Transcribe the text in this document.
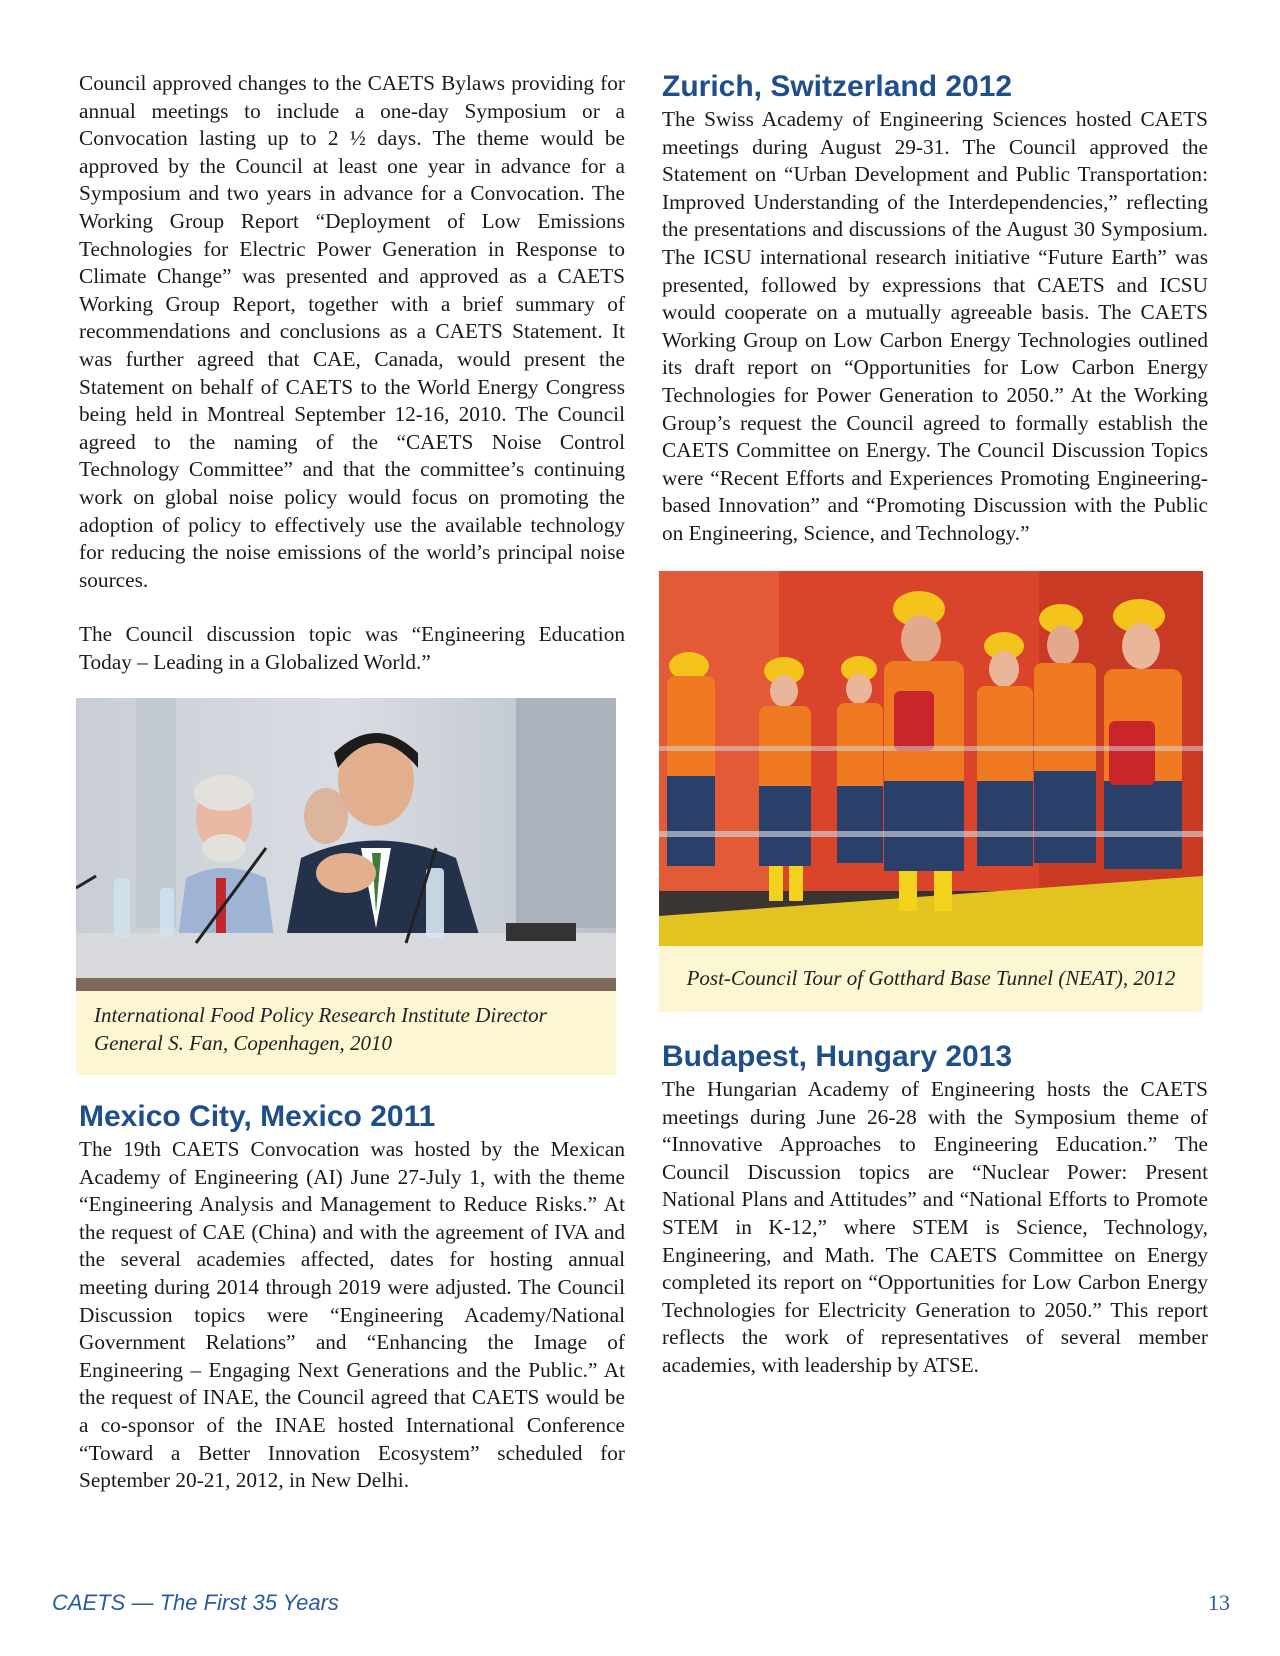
Council approved changes to the CAETS Bylaws providing for annual meetings to include a one-day Symposium or a Convocation lasting up to 2 ½ days. The theme would be approved by the Council at least one year in advance for a Symposium and two years in advance for a Convocation. The Working Group Report “Deployment of Low Emissions Technologies for Electric Power Generation in Response to Climate Change” was presented and approved as a CAETS Working Group Report, together with a brief summary of recommendations and conclusions as a CAETS Statement. It was further agreed that CAE, Canada, would present the Statement on behalf of CAETS to the World Energy Congress being held in Montreal September 12-16, 2010. The Council agreed to the naming of the “CAETS Noise Control Technology Committee” and that the committee’s continuing work on global noise policy would focus on promoting the adoption of policy to effectively use the available technology for reducing the noise emissions of the world’s principal noise sources.

The Council discussion topic was “Engineering Education Today – Leading in a Globalized World.”

International Food Policy Research Institute Director General S. Fan, Copenhagen, 2010
Mexico City, Mexico 2011

The 19th CAETS Convocation was hosted by the Mexican Academy of Engineering (AI) June 27-July 1, with the theme “Engineering Analysis and Management to Reduce Risks.” At the request of CAE (China) and with the agreement of IVA and the several academies affected, dates for hosting annual meeting during 2014 through 2019 were adjusted. The Council Discussion topics were “Engineering Academy/National Government Relations” and “Enhancing the Image of Engineering – Engaging Next Generations and the Public.” At the request of INAE, the Council agreed that CAETS would be a co-sponsor of the INAE hosted International Conference “Toward a Better Innovation Ecosystem” scheduled for September 20-21, 2012, in New Delhi.

Zurich, Switzerland 2012

The Swiss Academy of Engineering Sciences hosted CAETS meetings during August 29-31. The Council approved the Statement on “Urban Development and Public Transportation: Improved Understanding of the Interdependencies,” reflecting the presentations and discussions of the August 30 Symposium. The ICSU international research initiative “Future Earth” was presented, followed by expressions that CAETS and ICSU would cooperate on a mutually agreeable basis. The CAETS Working Group on Low Carbon Energy Technologies outlined its draft report on “Opportunities for Low Carbon Energy Technologies for Power Generation to 2050.” At the Working Group’s request the Council agreed to formally establish the CAETS Committee on Energy. The Council Discussion Topics were “Recent Efforts and Experiences Promoting Engineering-based Innovation” and “Promoting Discussion with the Public on Engineering, Science, and Technology.”

Post-Council Tour of Gotthard Base Tunnel (NEAT), 2012
Budapest, Hungary 2013

The Hungarian Academy of Engineering hosts the CAETS meetings during June 26-28 with the Symposium theme of “Innovative Approaches to Engineering Education.” The Council Discussion topics are “Nuclear Power: Present National Plans and Attitudes” and “National Efforts to Promote STEM in K-12,” where STEM is Science, Technology, Engineering, and Math. The CAETS Committee on Energy completed its report on “Opportunities for Low Carbon Energy Technologies for Electricity Generation to 2050.” This report reflects the work of representatives of several member academies, with leadership by ATSE.

CAETS — The First 35 Years	13
